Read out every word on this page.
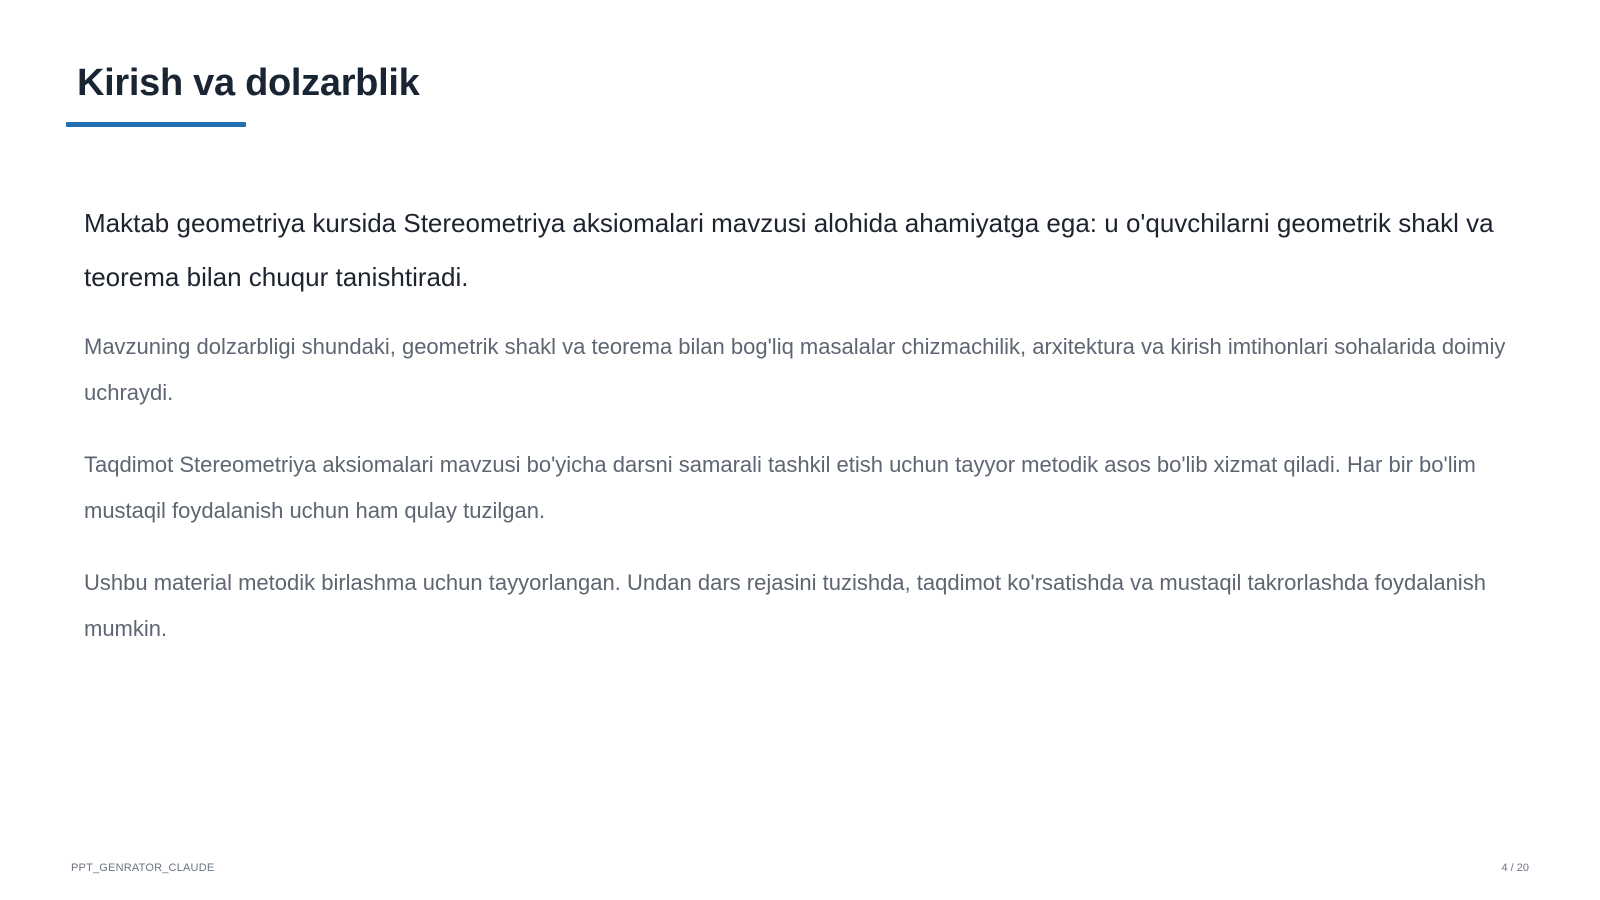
Kirish va dolzarblik

Maktab geometriya kursida Stereometriya aksiomalari mavzusi alohida ahamiyatga ega: u o'quvchilarni geometrik shakl va teorema bilan chuqur tanishtiradi.

Mavzuning dolzarbligi shundaki, geometrik shakl va teorema bilan bog'liq masalalar chizmachilik, arxitektura va kirish imtihonlari sohalarida doimiy uchraydi.

Taqdimot Stereometriya aksiomalari mavzusi bo'yicha darsni samarali tashkil etish uchun tayyor metodik asos bo'lib xizmat qiladi. Har bir bo'lim mustaqil foydalanish uchun ham qulay tuzilgan.

Ushbu material metodik birlashma uchun tayyorlangan. Undan dars rejasini tuzishda, taqdimot ko'rsatishda va mustaqil takrorlashda foydalanish mumkin.

PPT_GENRATOR_CLAUDE	4 / 20
